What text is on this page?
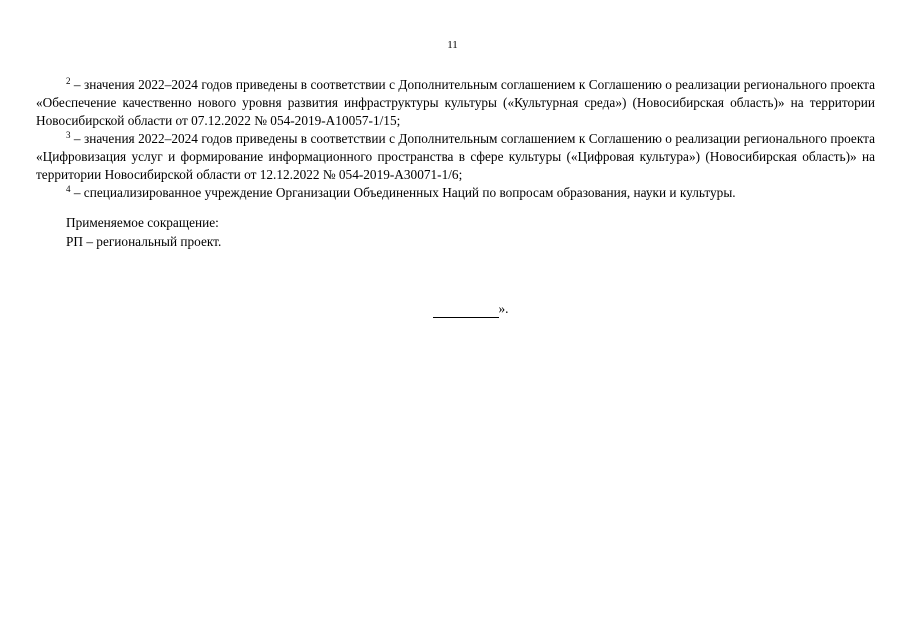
11

$^2$ – значения 2022–2024 годов приведены в соответствии с Дополнительным соглашением к Соглашению о реализации регионального проекта «Обеспечение качественно нового уровня развития инфраструктуры культуры («Культурная среда») (Новосибирская область)» на территории Новосибирской области от 07.12.2022 № 054-2019-А10057-1/15;

$^3$ – значения 2022–2024 годов приведены в соответствии с Дополнительным соглашением к Соглашению о реализации регионального проекта «Цифровизация услуг и формирование информационного пространства в сфере культуры («Цифровая культура») (Новосибирская область)» на территории Новосибирской области от 12.12.2022 № 054-2019-А30071-1/6;

$^4$ – специализированное учреждение Организации Объединенных Наций по вопросам образования, науки и культуры.

Применяемое сокращение:

РП – региональный проект.

».
